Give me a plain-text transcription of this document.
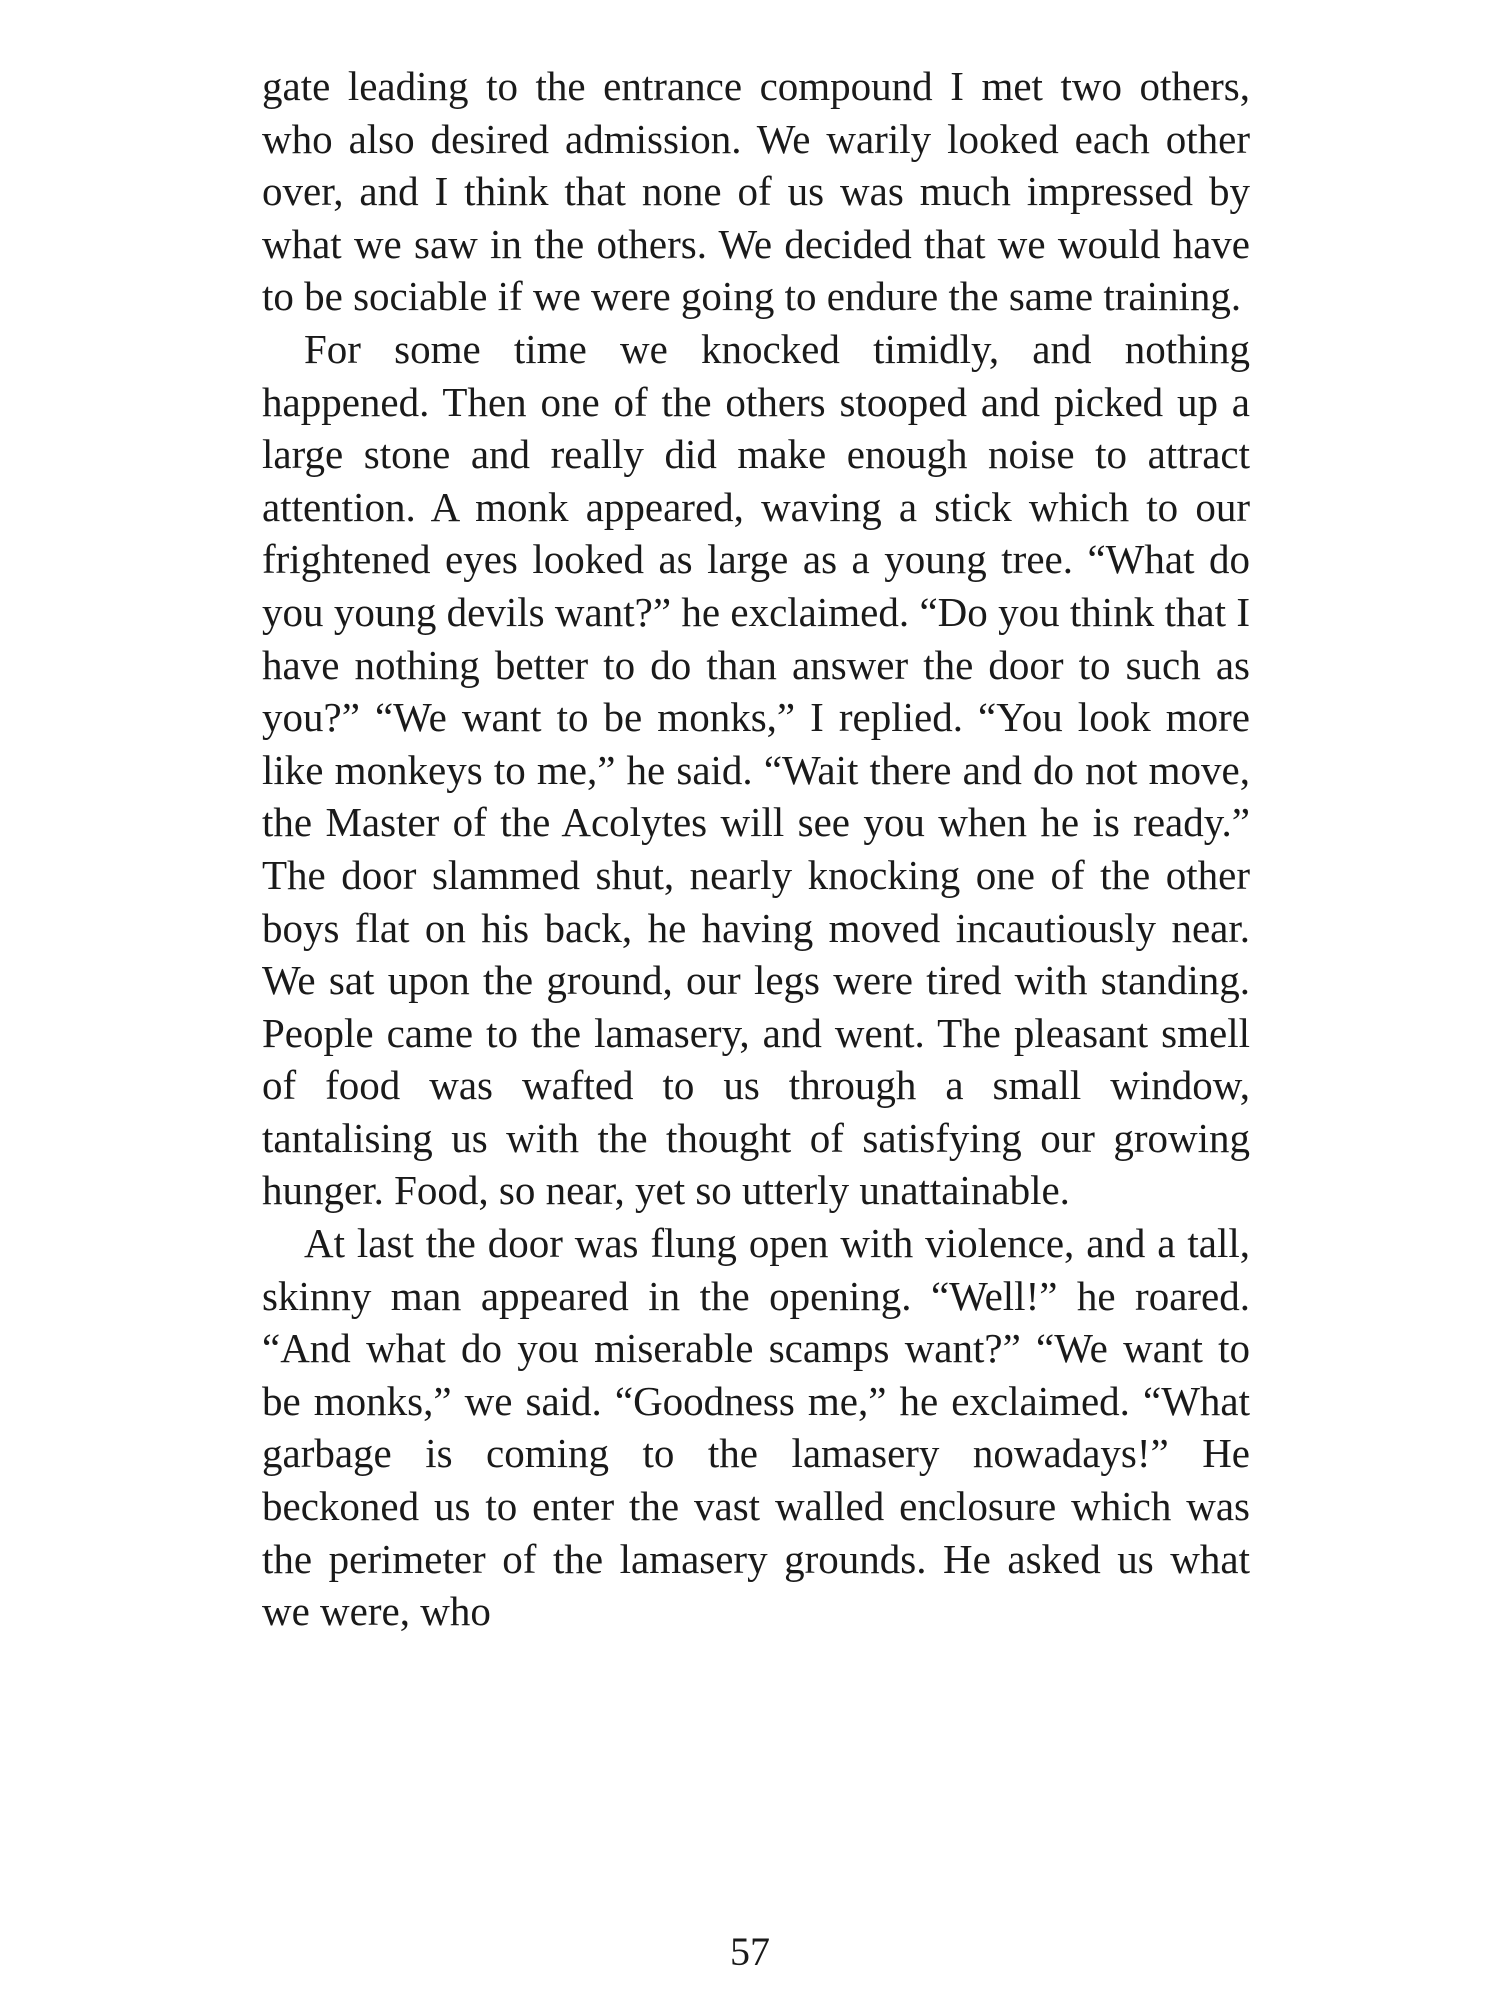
gate leading to the entrance compound I met two others, who also desired admission. We warily looked each other over, and I think that none of us was much impressed by what we saw in the others. We decided that we would have to be sociable if we were going to endure the same training.

For some time we knocked timidly, and nothing happened. Then one of the others stooped and picked up a large stone and really did make enough noise to attract attention. A monk appeared, waving a stick which to our frightened eyes looked as large as a young tree. “What do you young devils want?” he exclaimed. “Do you think that I have nothing better to do than answer the door to such as you?” “We want to be monks,” I replied. “You look more like monkeys to me,” he said. “Wait there and do not move, the Master of the Acolytes will see you when he is ready.” The door slammed shut, nearly knocking one of the other boys flat on his back, he having moved incautiously near. We sat upon the ground, our legs were tired with standing. People came to the lamasery, and went. The pleasant smell of food was wafted to us through a small window, tantalising us with the thought of satisfying our growing hunger. Food, so near, yet so utterly unattainable.

At last the door was flung open with violence, and a tall, skinny man appeared in the opening. “Well!” he roared. “And what do you miserable scamps want?” “We want to be monks,” we said. “Goodness me,” he exclaimed. “What garbage is coming to the lamasery nowadays!” He beckoned us to enter the vast walled enclosure which was the perimeter of the lamasery grounds. He asked us what we were, who

57
